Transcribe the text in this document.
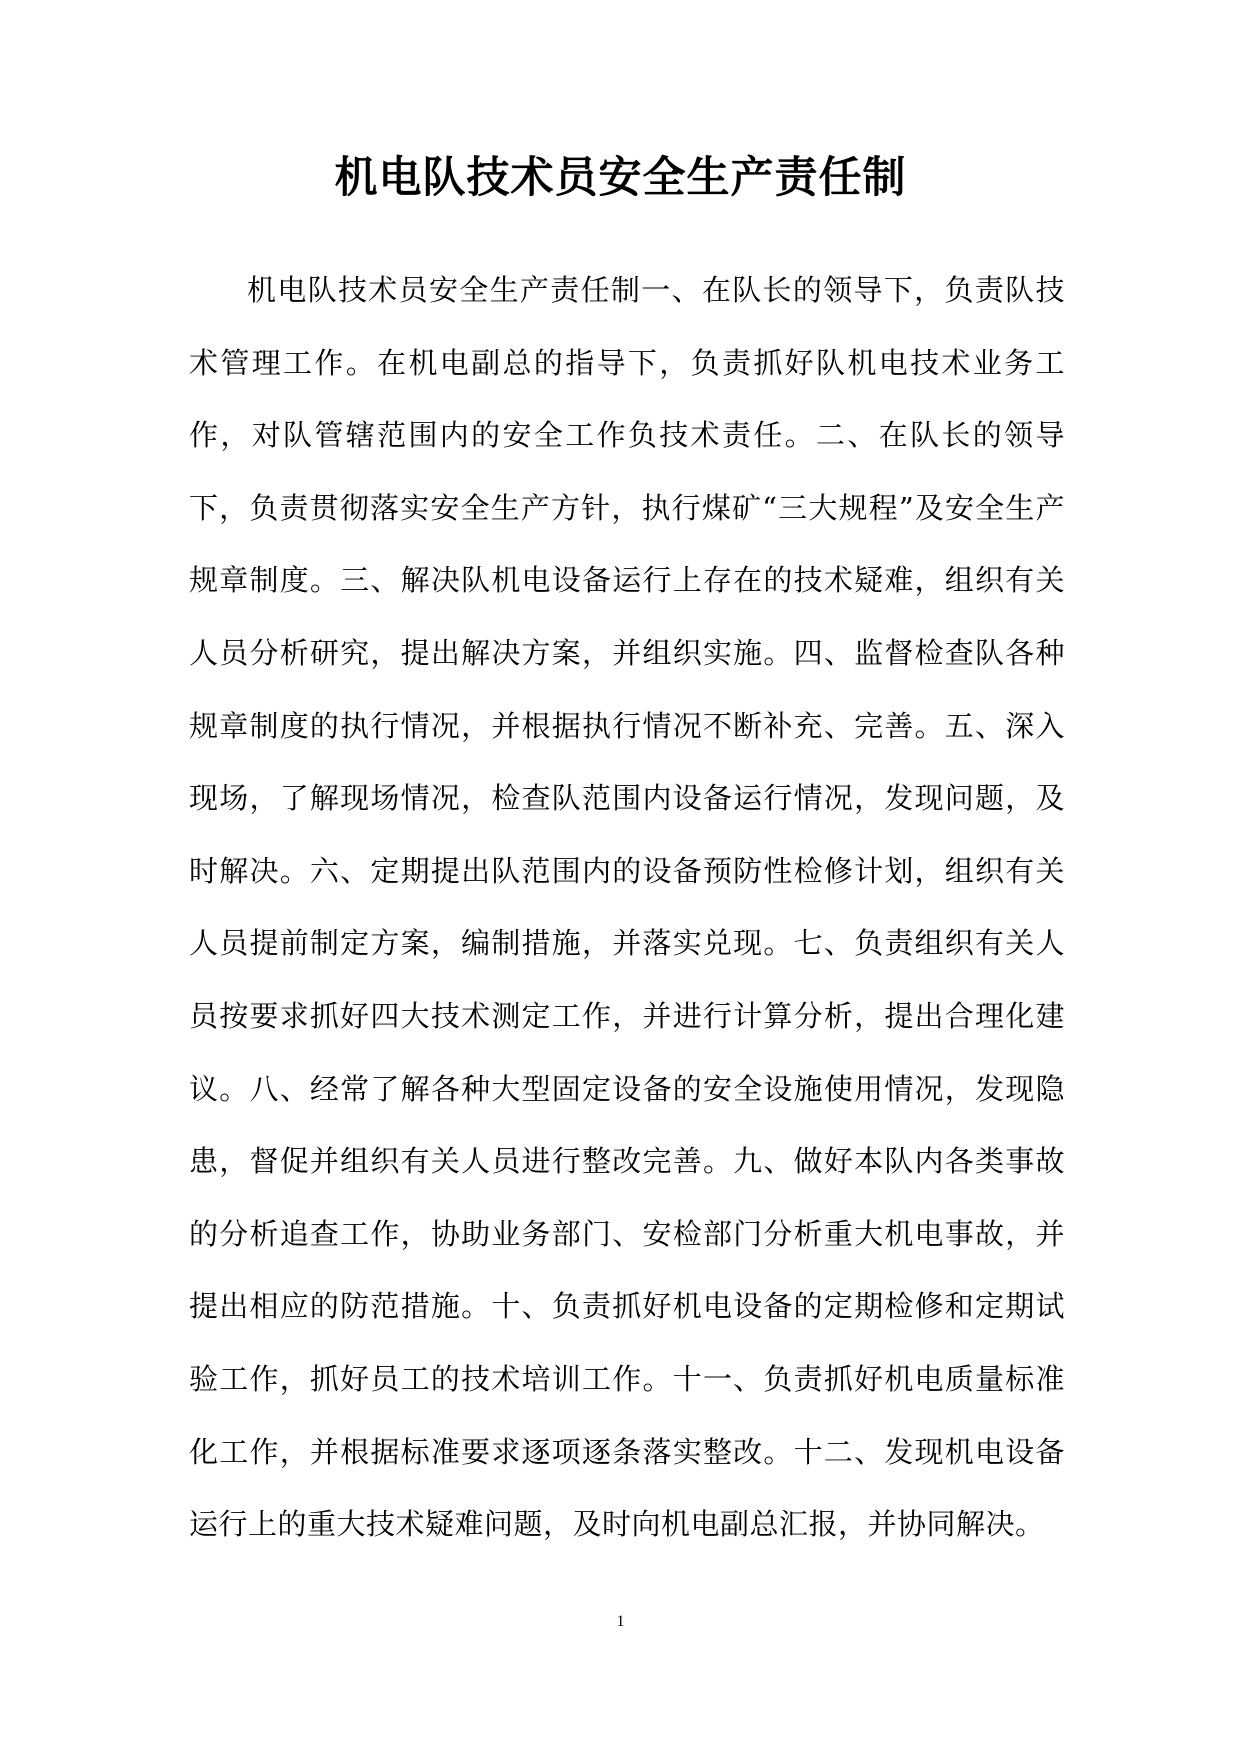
机电队技术员安全生产责任制

机电队技术员安全生产责任制一、在队长的领导下，负责队技术管理工作。在机电副总的指导下，负责抓好队机电技术业务工作，对队管辖范围内的安全工作负技术责任。二、在队长的领导下，负责贯彻落实安全生产方针，执行煤矿“三大规程”及安全生产规章制度。三、解决队机电设备运行上存在的技术疑难，组织有关人员分析研究，提出解决方案，并组织实施。四、监督检查队各种规章制度的执行情况，并根据执行情况不断补充、完善。五、深入现场，了解现场情况，检查队范围内设备运行情况，发现问题，及时解决。六、定期提出队范围内的设备预防性检修计划，组织有关人员提前制定方案，编制措施，并落实兑现。七、负责组织有关人员按要求抓好四大技术测定工作，并进行计算分析，提出合理化建议。八、经常了解各种大型固定设备的安全设施使用情况，发现隐患，督促并组织有关人员进行整改完善。九、做好本队内各类事故的分析追查工作，协助业务部门、安检部门分析重大机电事故，并提出相应的防范措施。十、负责抓好机电设备的定期检修和定期试验工作，抓好员工的技术培训工作。十一、负责抓好机电质量标准化工作，并根据标准要求逐项逐条落实整改。十二、发现机电设备运行上的重大技术疑难问题，及时向机电副总汇报，并协同解决。

1
